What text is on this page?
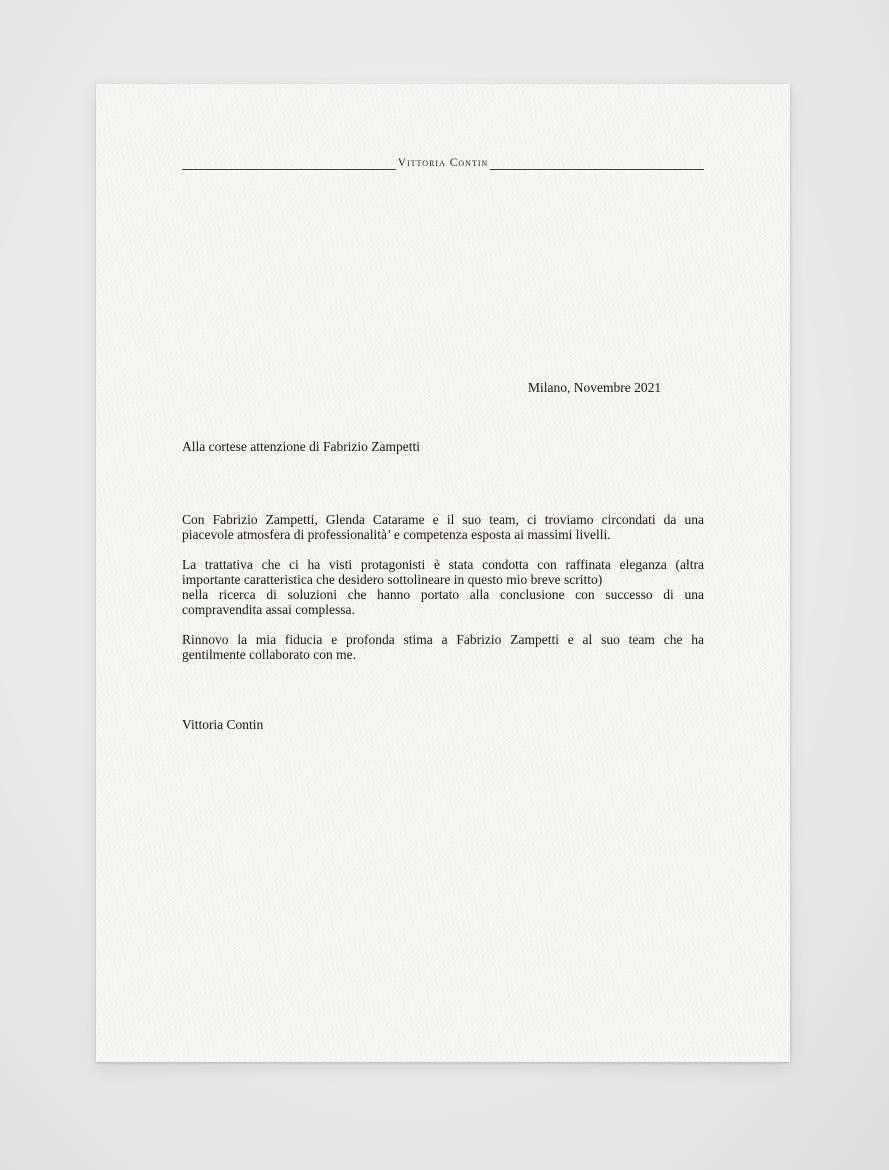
Vittoria Contin
Milano, Novembre 2021
Alla cortese attenzione di Fabrizio Zampetti

Con Fabrizio Zampetti, Glenda Catarame e il suo team, ci troviamo circondati da una
piacevole atmosfera di professionalità’ e competenza esposta ai massimi livelli.

La trattativa che ci ha visti protagonisti è stata condotta con raffinata eleganza (altra
importante caratteristica che desidero sottolineare in questo mio breve scritto)
nella ricerca di soluzioni che hanno portato alla conclusione con successo di una
compravendita assai complessa.

Rinnovo la mia fiducia e profonda stima a Fabrizio Zampetti e al suo team che ha
gentilmente collaborato con me.

Vittoria Contin
